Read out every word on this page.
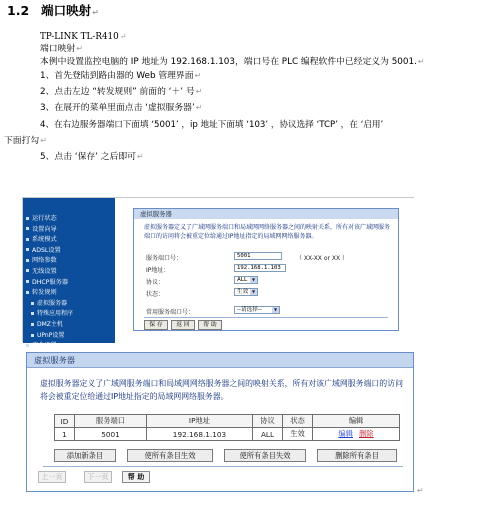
1.2 端口映射↵
TP-LINK TL-R410↵
端口映射↵
本例中设置监控电脑的 IP 地址为 192.168.1.103，端口号在 PLC 编程软件中已经定义为 5001.↵
1、首先登陆到路由器的 Web 管理界面↵
2、点击左边 “转发规则” 前面的 ‘＋’ 号↵
3、在展开的菜单里面点击 ‘虚拟服务器’↵
4、在右边服务器端口下面填 ‘5001’ ，ip 地址下面填 ‘103’ ，协议选择 ‘TCP’ ，在 ‘启用’
下面打勾↵
5、点击 ‘保存’ 之后即可↵
运行状态
设置向导
系统模式
ADSL设置
网络参数
无线设置
DHCP服务器
转发规则
虚拟服务器
特殊应用程序
DMZ主机
UPnP设置
安全设置
虚拟服务器
虚拟服务器定义了广域网服务端口和局域网网络服务器之间的映射关系，所有对该广域网服务端口的访问将会被重定位给通过IP地址指定的局域网网络服务器。
服务端口号：	5001	（ XX-XX or XX ）
IP地址：	192.168.1.103
协议：	ALL	▼
状态：	生效 ▼
常用服务端口号：	--请选择--	▼
保 存	返 回	帮 助
虚拟服务器
虚拟服务器定义了广域网服务端口和局域网网络服务器之间的映射关系，所有对该广域网服务端口的访问将会被重定位给通过IP地址指定的局域网网络服务器。
ID	服务端口	IP地址	协议	状态	编辑
1	5001	192.168.1.103	ALL	生效	编辑 删除
添加新条目	使所有条目生效	使所有条目失效	删除所有条目
上一页	下一页	帮 助
↵
